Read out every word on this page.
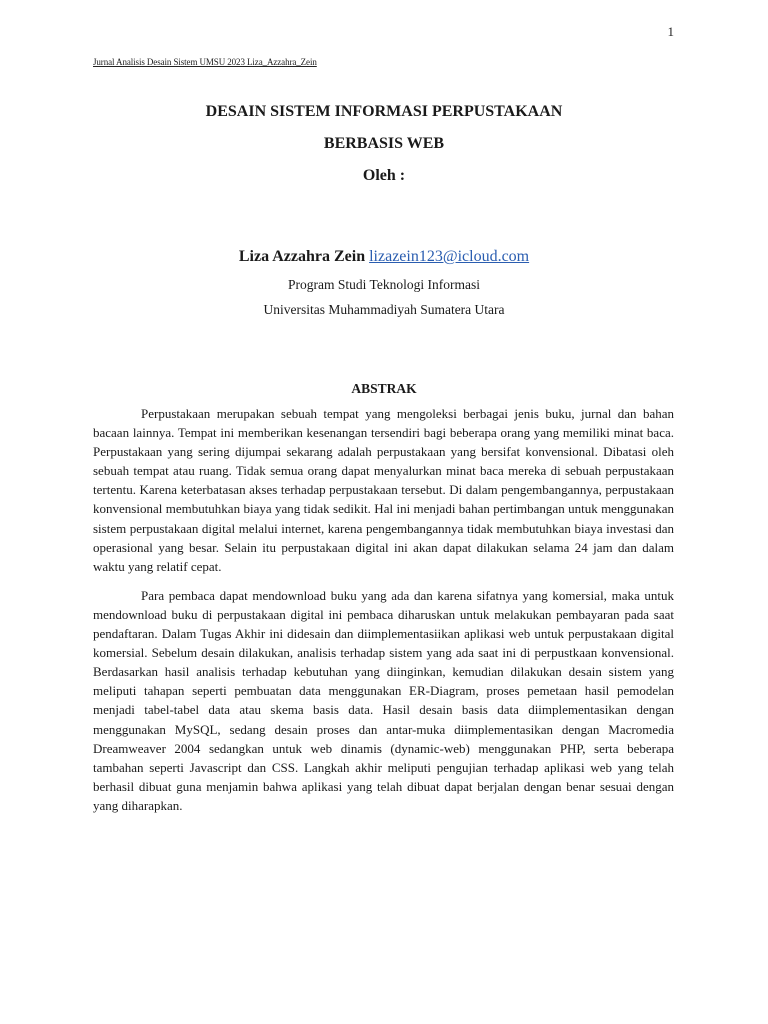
1
Jurnal Analisis Desain Sistem UMSU 2023 Liza_Azzahra_Zein
DESAIN SISTEM INFORMASI PERPUSTAKAAN
BERBASIS WEB
Oleh :
Liza Azzahra Zein lizazein123@icloud.com
Program Studi Teknologi Informasi
Universitas Muhammadiyah Sumatera Utara
ABSTRAK

Perpustakaan merupakan sebuah tempat yang mengoleksi berbagai jenis buku, jurnal dan bahan bacaan lainnya. Tempat ini memberikan kesenangan tersendiri bagi beberapa orang yang memiliki minat baca. Perpustakaan yang sering dijumpai sekarang adalah perpustakaan yang bersifat konvensional. Dibatasi oleh sebuah tempat atau ruang. Tidak semua orang dapat menyalurkan minat baca mereka di sebuah perpustakaan tertentu. Karena keterbatasan akses terhadap perpustakaan tersebut. Di dalam pengembangannya, perpustakaan konvensional membutuhkan biaya yang tidak sedikit. Hal ini menjadi bahan pertimbangan untuk menggunakan sistem perpustakaan digital melalui internet, karena pengembangannya tidak membutuhkan biaya investasi dan operasional yang besar. Selain itu perpustakaan digital ini akan dapat dilakukan selama 24 jam dan dalam waktu yang relatif cepat.

Para pembaca dapat mendownload buku yang ada dan karena sifatnya yang komersial, maka untuk mendownload buku di perpustakaan digital ini pembaca diharuskan untuk melakukan pembayaran pada saat pendaftaran. Dalam Tugas Akhir ini didesain dan diimplementasiikan aplikasi web untuk perpustakaan digital komersial. Sebelum desain dilakukan, analisis terhadap sistem yang ada saat ini di perpustkaan konvensional. Berdasarkan hasil analisis terhadap kebutuhan yang diinginkan, kemudian dilakukan desain sistem yang meliputi tahapan seperti pembuatan data menggunakan ER-Diagram, proses pemetaan hasil pemodelan menjadi tabel-tabel data atau skema basis data. Hasil desain basis data diimplementasikan dengan menggunakan MySQL, sedang desain proses dan antar-muka diimplementasikan dengan Macromedia Dreamweaver 2004 sedangkan untuk web dinamis (dynamic-web) menggunakan PHP, serta beberapa tambahan seperti Javascript dan CSS. Langkah akhir meliputi pengujian terhadap aplikasi web yang telah berhasil dibuat guna menjamin bahwa aplikasi yang telah dibuat dapat berjalan dengan benar sesuai dengan yang diharapkan.
